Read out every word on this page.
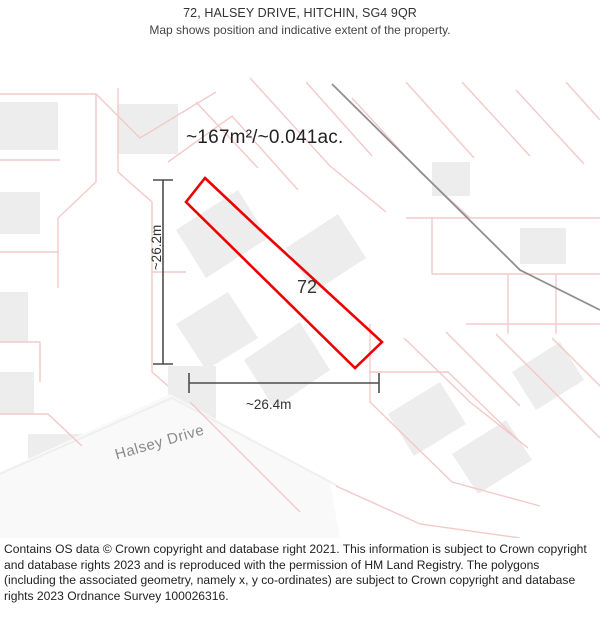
72, HALSEY DRIVE, HITCHIN, SG4 9QR
Map shows position and indicative extent of the property.
~167m²/~0.041ac.
72
~26.2m
~26.4m
Halsey Drive

Contains OS data © Crown copyright and database right 2021. This information is subject to Crown copyright and database rights 2023 and is reproduced with the permission of HM Land Registry. The polygons (including the associated geometry, namely x, y co-ordinates) are subject to Crown copyright and database rights 2023 Ordnance Survey 100026316.
